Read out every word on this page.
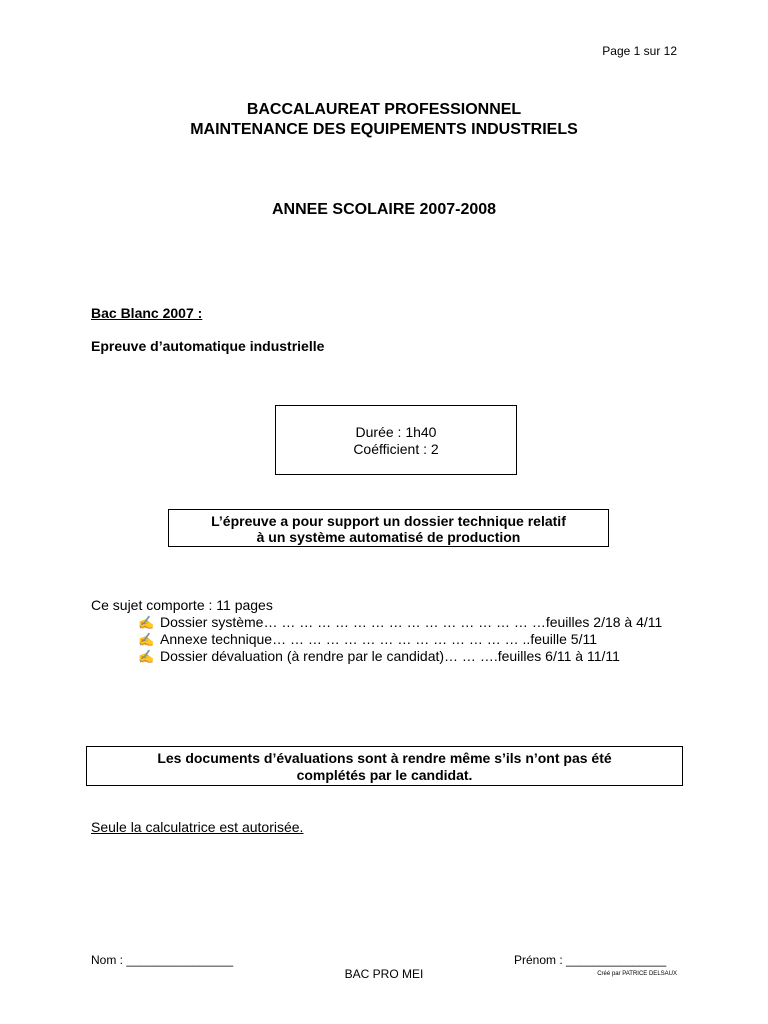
Page 1 sur 12
BACCALAUREAT PROFESSIONNEL
MAINTENANCE DES EQUIPEMENTS INDUSTRIELS
ANNEE SCOLAIRE 2007-2008
Bac Blanc 2007 :
Epreuve d’automatique industrielle
Durée : 1h40
Coéfficient : 2
L’épreuve a pour support un dossier technique relatif
à un système automatisé de production
Ce sujet comporte : 11 pages
✍ Dossier système… … … … … … … … … … … … … … … …feuilles 2/18 à 4/11
✍ Annexe technique… … … … … … … … … … … … … … ..feuille 5/11
✍ Dossier dévaluation (à rendre par le candidat)… … ….feuilles 6/11 à 11/11
Les documents d’évaluations sont à rendre même s’ils n’ont pas été
complétés par le candidat.
Seule la calculatrice est autorisée.
Nom : ________________	Prénom : _______________
BAC PRO MEI	Créé par PATRICE DELSAUX
